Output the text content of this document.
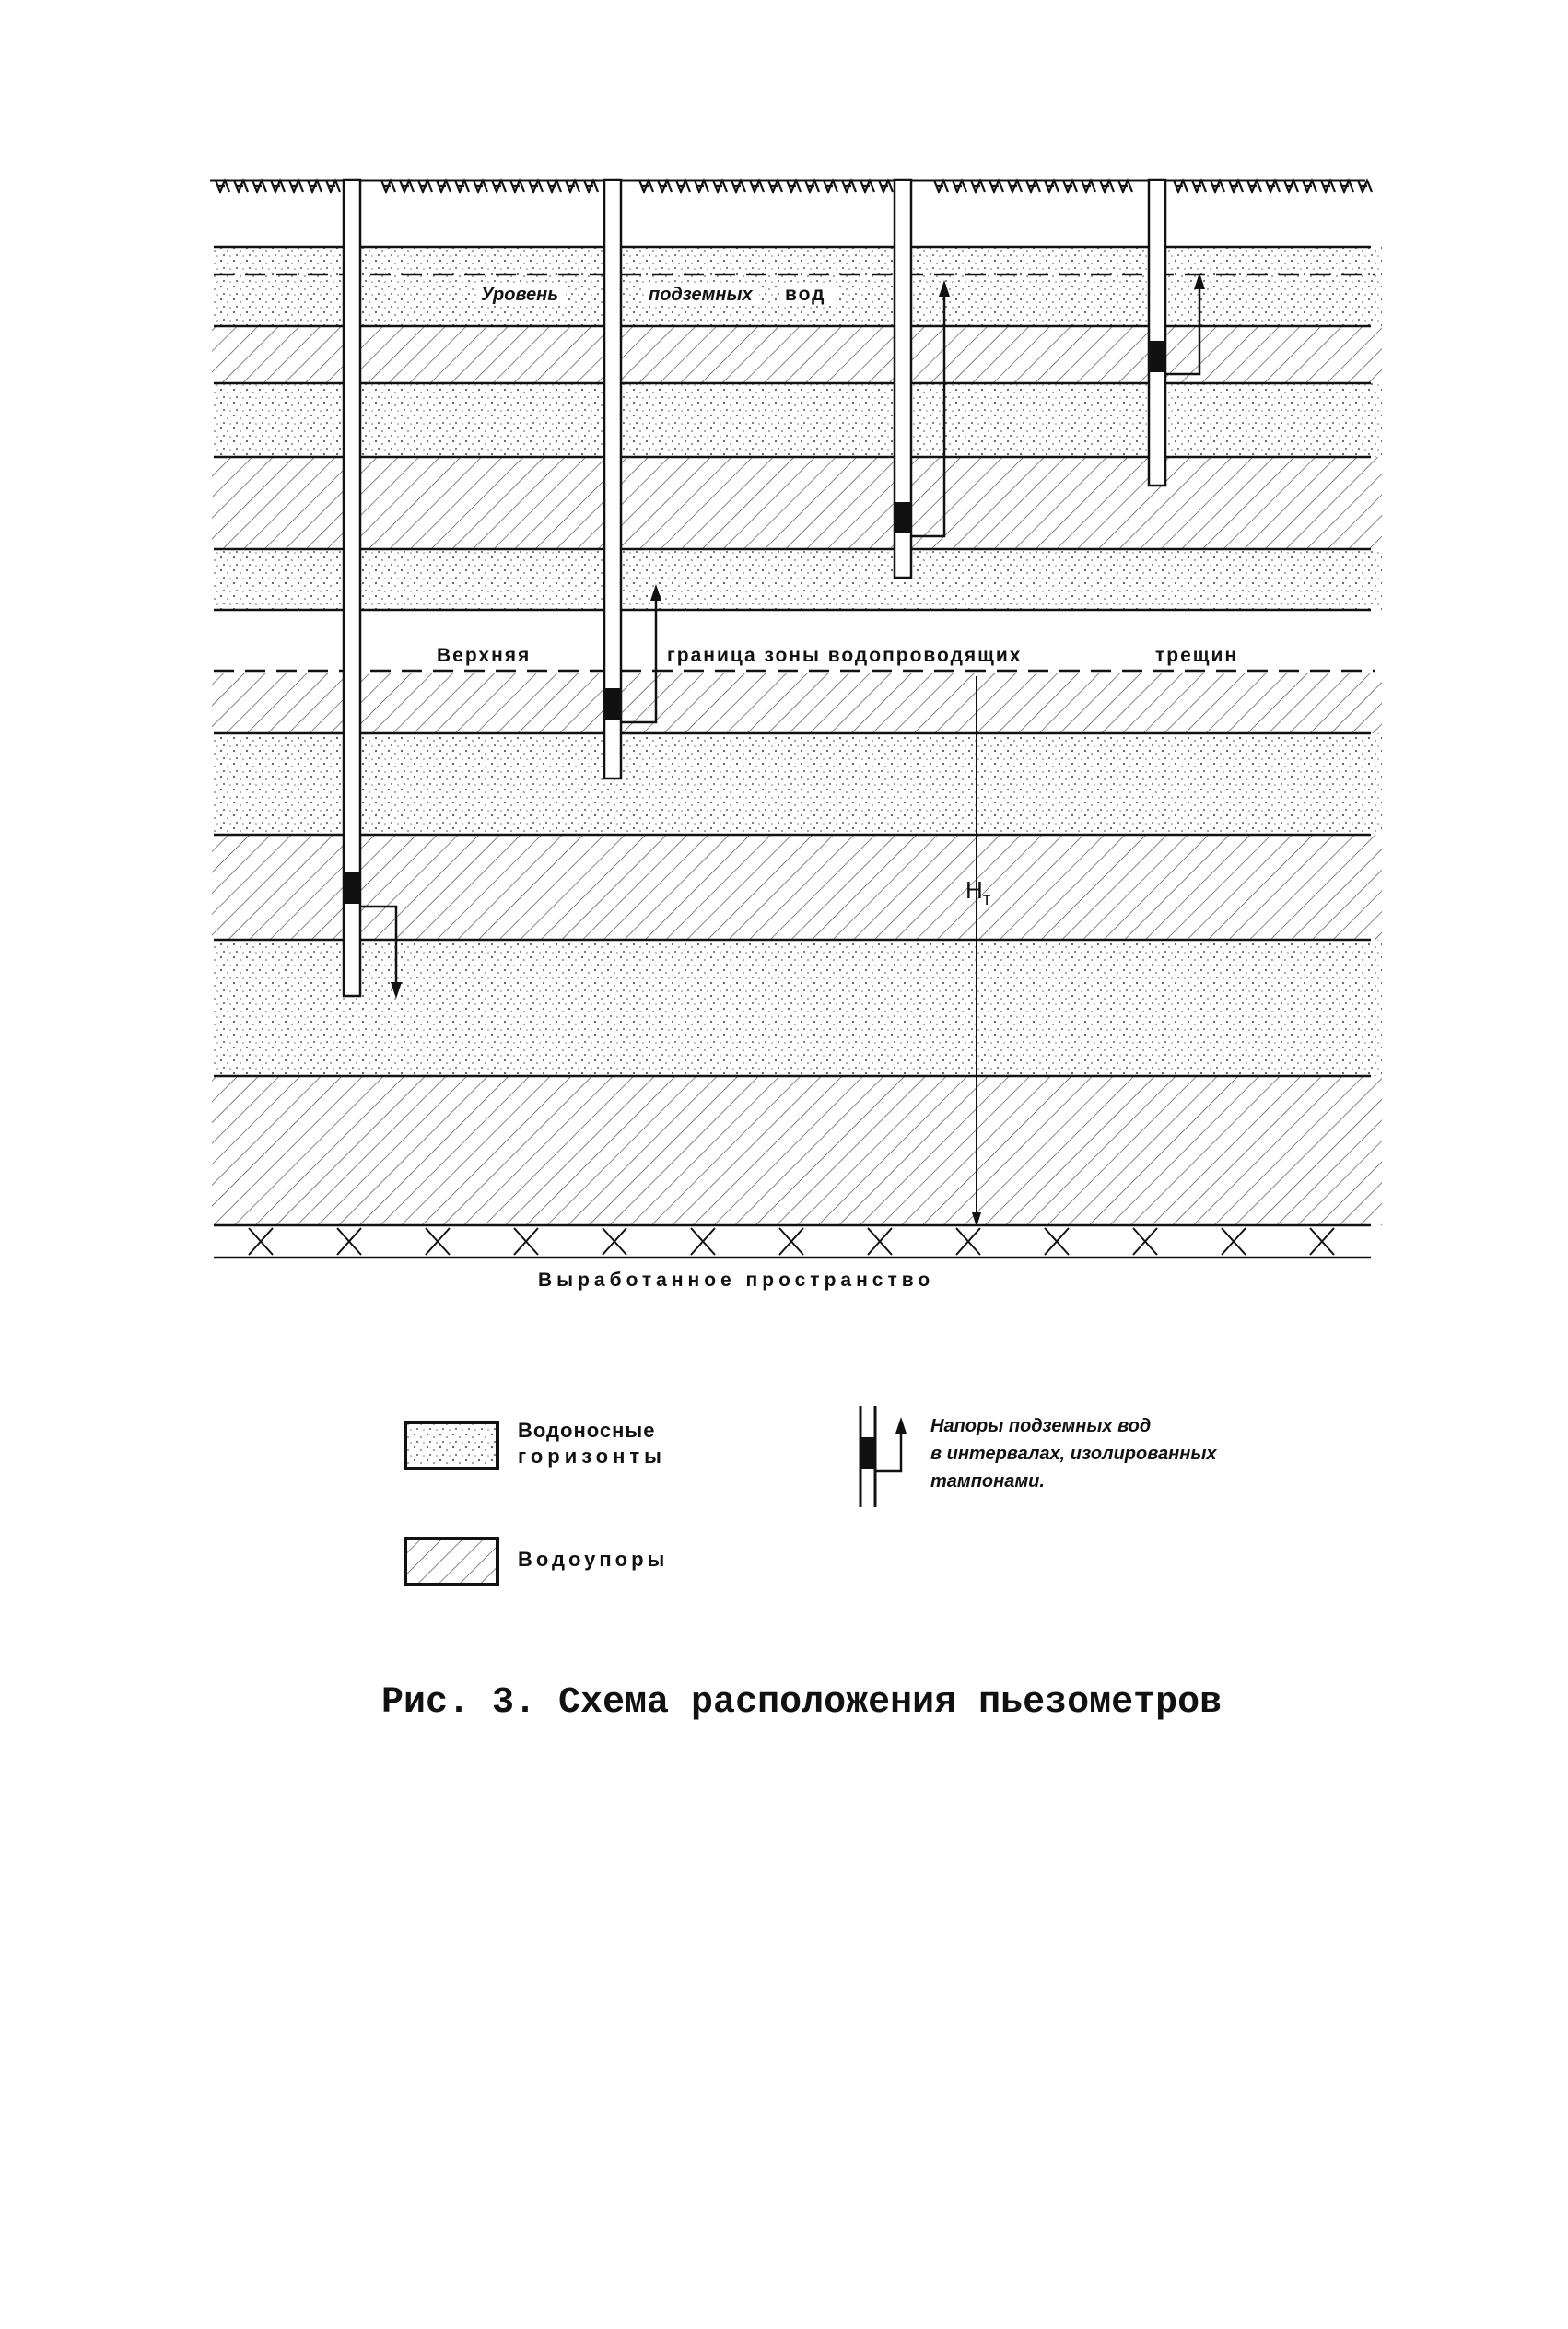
$H_т$
Уровень	подземных вод
Верхняя	граница зоны водопроводящих	трещин
Выработанное пространство
Водоносные
горизонты
Водоупоры
Напоры подземных вод
в интервалах, изолированных
тампонами.
Рис. 3. Схема расположения пьезометров
